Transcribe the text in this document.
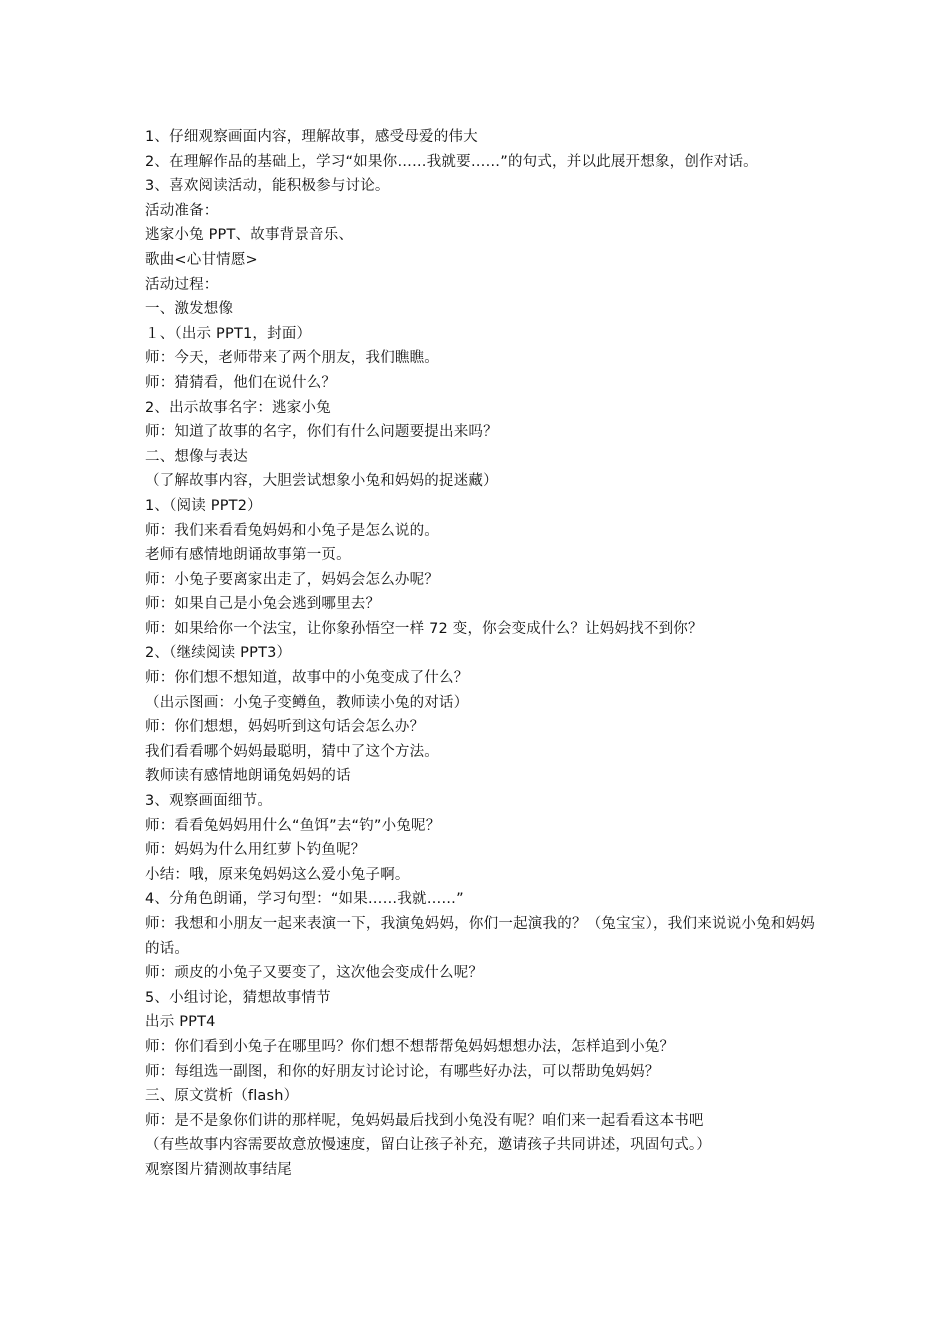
1、仔细观察画面内容，理解故事，感受母爱的伟大
2、在理解作品的基础上，学习“如果你……我就要……”的句式，并以此展开想象，创作对话。
3、喜欢阅读活动，能积极参与讨论。
活动准备：
逃家小兔 PPT、故事背景音乐、
歌曲<心甘情愿>
活动过程：
一、激发想像
１、（出示 PPT1，封面）
师：今天，老师带来了两个朋友，我们瞧瞧。
师：猜猜看，他们在说什么？
2、出示故事名字：逃家小兔
师：知道了故事的名字，你们有什么问题要提出来吗？
二、想像与表达
（了解故事内容，大胆尝试想象小兔和妈妈的捉迷藏）
1、（阅读 PPT2）
师：我们来看看兔妈妈和小兔子是怎么说的。
老师有感情地朗诵故事第一页。
师：小兔子要离家出走了，妈妈会怎么办呢？
师：如果自己是小兔会逃到哪里去？
师：如果给你一个法宝，让你象孙悟空一样 72 变，你会变成什么？让妈妈找不到你？
2、（继续阅读 PPT3）
师：你们想不想知道，故事中的小兔变成了什么？
（出示图画：小兔子变鳟鱼，教师读小兔的对话）
师：你们想想，妈妈听到这句话会怎么办？
我们看看哪个妈妈最聪明，猜中了这个方法。
教师读有感情地朗诵兔妈妈的话
3、观察画面细节。
师：看看兔妈妈用什么“鱼饵”去“钓”小兔呢？
师：妈妈为什么用红萝卜钓鱼呢？
小结：哦，原来兔妈妈这么爱小兔子啊。
4、分角色朗诵，学习句型：“如果……我就……”
师：我想和小朋友一起来表演一下，我演兔妈妈，你们一起演我的？（兔宝宝），我们来说说小兔和妈妈的话。
师：顽皮的小兔子又要变了，这次他会变成什么呢？
5、小组讨论，猜想故事情节
出示 PPT4
师：你们看到小兔子在哪里吗？你们想不想帮帮兔妈妈想想办法，怎样追到小兔？
师：每组选一副图，和你的好朋友讨论讨论，有哪些好办法，可以帮助兔妈妈？
三、原文赏析（flash）
师：是不是象你们讲的那样呢，兔妈妈最后找到小兔没有呢？咱们来一起看看这本书吧
（有些故事内容需要故意放慢速度，留白让孩子补充，邀请孩子共同讲述，巩固句式。）
观察图片猜测故事结尾
